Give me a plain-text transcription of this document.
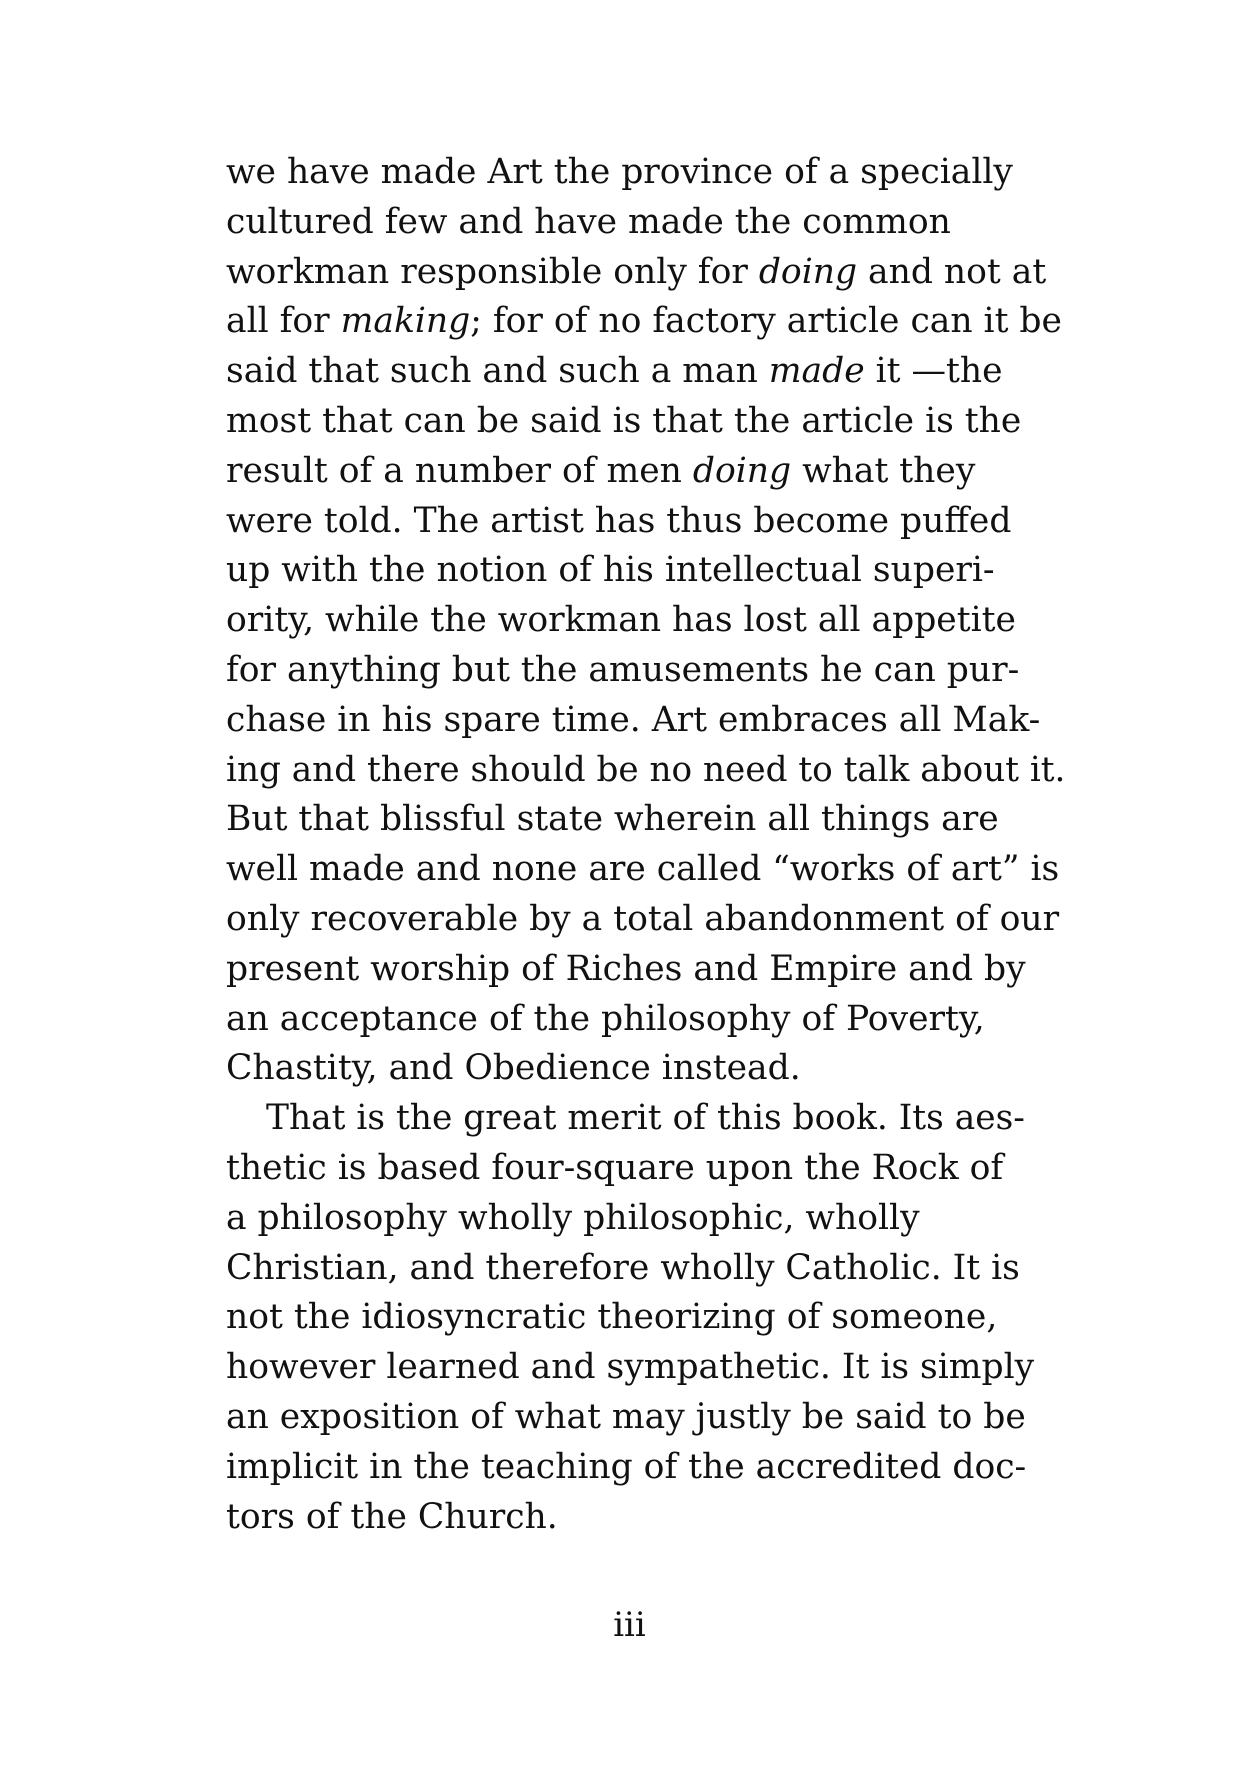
we have made Art the province of a specially
cultured few and have made the common
workman responsible only for doing and not at
all for making; for of no factory article can it be
said that such and such a man made it —the
most that can be said is that the article is the
result of a number of men doing what they
were told. The artist has thus become puffed
up with the notion of his intellectual superi-
ority, while the workman has lost all appetite
for anything but the amusements he can pur-
chase in his spare time. Art embraces all Mak-
ing and there should be no need to talk about it.
But that blissful state wherein all things are
well made and none are called “works of art” is
only recoverable by a total abandonment of our
present worship of Riches and Empire and by
an acceptance of the philosophy of Poverty,
Chastity, and Obedience instead.
That is the great merit of this book. Its aes-
thetic is based four-square upon the Rock of
a philosophy wholly philosophic, wholly
Christian, and therefore wholly Catholic. It is
not the idiosyncratic theorizing of someone,
however learned and sympathetic. It is simply
an exposition of what may justly be said to be
implicit in the teaching of the accredited doc-
tors of the Church.
iii
